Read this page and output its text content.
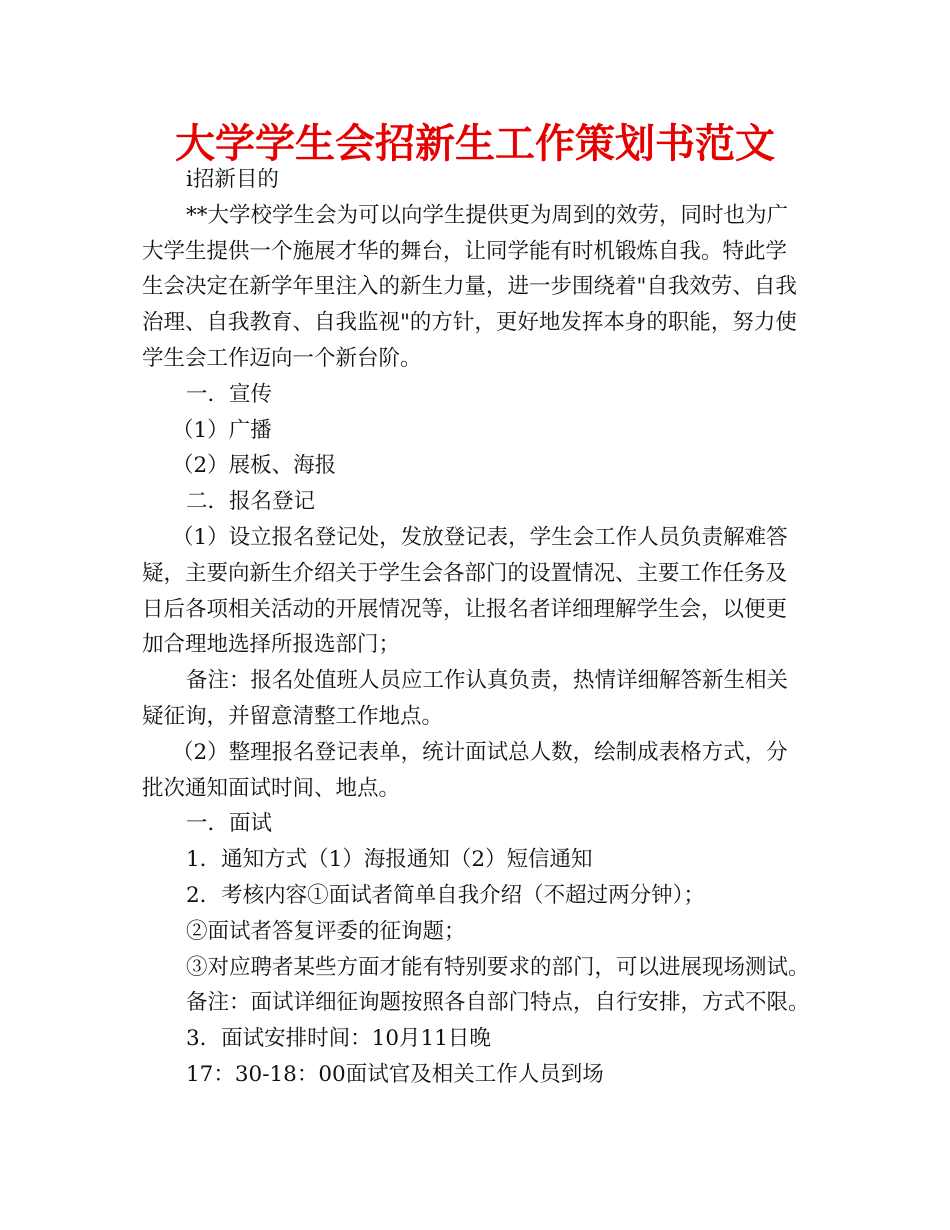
大学学生会招新生工作策划书范文
ⅰ招新目的
**大学校学生会为可以向学生提供更为周到的效劳，同时也为广
大学生提供一个施展才华的舞台，让同学能有时机锻炼自我。特此学
生会决定在新学年里注入的新生力量，进一步围绕着"自我效劳、自我
治理、自我教育、自我监视"的方针，更好地发挥本身的职能，努力使
学生会工作迈向一个新台阶。
一．宣传
（1）广播
（2）展板、海报
二．报名登记
（1）设立报名登记处，发放登记表，学生会工作人员负责解难答
疑，主要向新生介绍关于学生会各部门的设置情况、主要工作任务及
日后各项相关活动的开展情况等，让报名者详细理解学生会，以便更
加合理地选择所报选部门；
备注：报名处值班人员应工作认真负责，热情详细解答新生相关
疑征询，并留意清整工作地点。
（2）整理报名登记表单，统计面试总人数，绘制成表格方式，分
批次通知面试时间、地点。
一．面试
1．通知方式（1）海报通知（2）短信通知
2．考核内容①面试者简单自我介绍（不超过两分钟）；
②面试者答复评委的征询题；
③对应聘者某些方面才能有特别要求的部门，可以进展现场测试。
备注：面试详细征询题按照各自部门特点，自行安排，方式不限。
3．面试安排时间：10月11日晚
17：30-18：00面试官及相关工作人员到场
